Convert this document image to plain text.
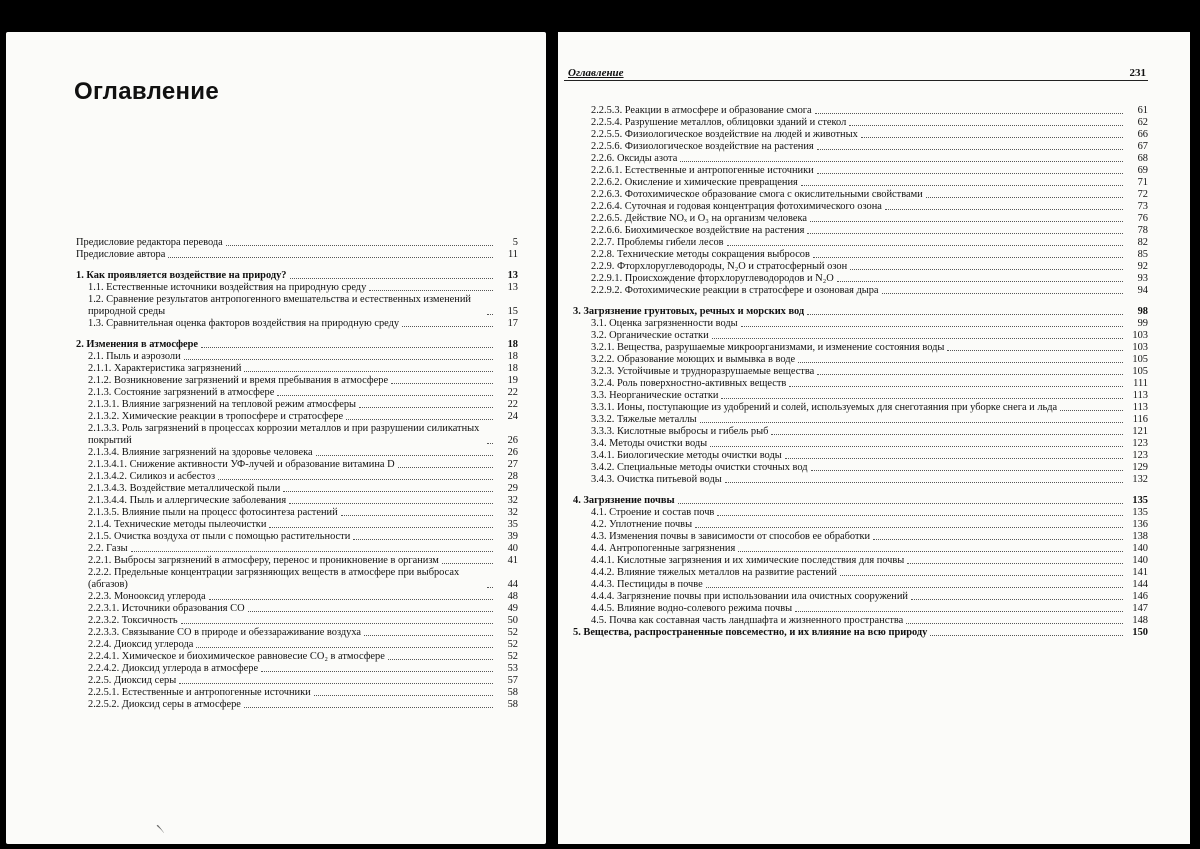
Оглавление
Предисловие редактора перевода	5
Предисловие автора	11
1. Как проявляется воздействие на природу?	13
1.1. Естественные источники воздействия на природную среду	13
1.2. Сравнение результатов антропогенного вмешательства и естественных изменений природной среды	15
1.3. Сравнительная оценка факторов воздействия на природную среду	17
2. Изменения в атмосфере	18
2.1. Пыль и аэрозоли	18
2.1.1. Характеристика загрязнений	18
2.1.2. Возникновение загрязнений и время пребывания в атмосфере	19
2.1.3. Состояние загрязнений в атмосфере	22
2.1.3.1. Влияние загрязнений на тепловой режим атмосферы	22
2.1.3.2. Химические реакции в тропосфере и стратосфере	24
2.1.3.3. Роль загрязнений в процессах коррозии металлов и при разрушении силикатных покрытий	26
2.1.3.4. Влияние загрязнений на здоровье человека	26
2.1.3.4.1. Снижение активности УФ-лучей и образование витамина D	27
2.1.3.4.2. Силикоз и асбестоз	28
2.1.3.4.3. Воздействие металлической пыли	29
2.1.3.4.4. Пыль и аллергические заболевания	32
2.1.3.5. Влияние пыли на процесс фотосинтеза растений	32
2.1.4. Технические методы пылеочистки	35
2.1.5. Очистка воздуха от пыли с помощью растительности	39
2.2. Газы	40
2.2.1. Выбросы загрязнений в атмосферу, перенос и проникновение в организм	41
2.2.2. Предельные концентрации загрязняющих веществ в атмосфере при выбросах (абгазов)	44
2.2.3. Монооксид углерода	48
2.2.3.1. Источники образования CO	49
2.2.3.2. Токсичность	50
2.2.3.3. Связывание CO в природе и обеззараживание воздуха	52
2.2.4. Диоксид углерода	52
2.2.4.1. Химическое и биохимическое равновесие CO₂ в атмосфере	52
2.2.4.2. Диоксид углерода в атмосфере	53
2.2.5. Диоксид серы	57
2.2.5.1. Естественные и антропогенные источники	58
2.2.5.2. Диоксид серы в атмосфере	58
৲
Оглавление	231
2.2.5.3. Реакции в атмосфере и образование смога	61
2.2.5.4. Разрушение металлов, облицовки зданий и стекол	62
2.2.5.5. Физиологическое воздействие на людей и животных	66
2.2.5.6. Физиологическое воздействие на растения	67
2.2.6. Оксиды азота	68
2.2.6.1. Естественные и антропогенные источники	69
2.2.6.2. Окисление и химические превращения	71
2.2.6.3. Фотохимическое образование смога с окислительными свойствами	72
2.2.6.4. Суточная и годовая концентрация фотохимического озона	73
2.2.6.5. Действие NOₓ и O₃ на организм человека	76
2.2.6.6. Биохимическое воздействие на растения	78
2.2.7. Проблемы гибели лесов	82
2.2.8. Технические методы сокращения выбросов	85
2.2.9. Фторхлоруглеводороды, N₂O и стратосферный озон	92
2.2.9.1. Происхождение фторхлоруглеводородов и N₂O	93
2.2.9.2. Фотохимические реакции в стратосфере и озоновая дыра	94
3. Загрязнение грунтовых, речных и морских вод	98
3.1. Оценка загрязненности воды	99
3.2. Органические остатки	103
3.2.1. Вещества, разрушаемые микроорганизмами, и изменение состояния воды	103
3.2.2. Образование моющих и вымывка в воде	105
3.2.3. Устойчивые и трудноразрушаемые вещества	105
3.2.4. Роль поверхностно-активных веществ	111
3.3. Неорганические остатки	113
3.3.1. Ионы, поступающие из удобрений и солей, используемых для снеготаяния при уборке снега и льда	113
3.3.2. Тяжелые металлы	116
3.3.3. Кислотные выбросы и гибель рыб	121
3.4. Методы очистки воды	123
3.4.1. Биологические методы очистки воды	123
3.4.2. Специальные методы очистки сточных вод	129
3.4.3. Очистка питьевой воды	132
4. Загрязнение почвы	135
4.1. Строение и состав почв	135
4.2. Уплотнение почвы	136
4.3. Изменения почвы в зависимости от способов ее обработки	138
4.4. Антропогенные загрязнения	140
4.4.1. Кислотные загрязнения и их химические последствия для почвы	140
4.4.2. Влияние тяжелых металлов на развитие растений	141
4.4.3. Пестициды в почве	144
4.4.4. Загрязнение почвы при использовании ила очистных сооружений	146
4.4.5. Влияние водно-солевого режима почвы	147
4.5. Почва как составная часть ландшафта и жизненного пространства	148
5. Вещества, распространенные повсеместно, и их влияние на всю природу	150
